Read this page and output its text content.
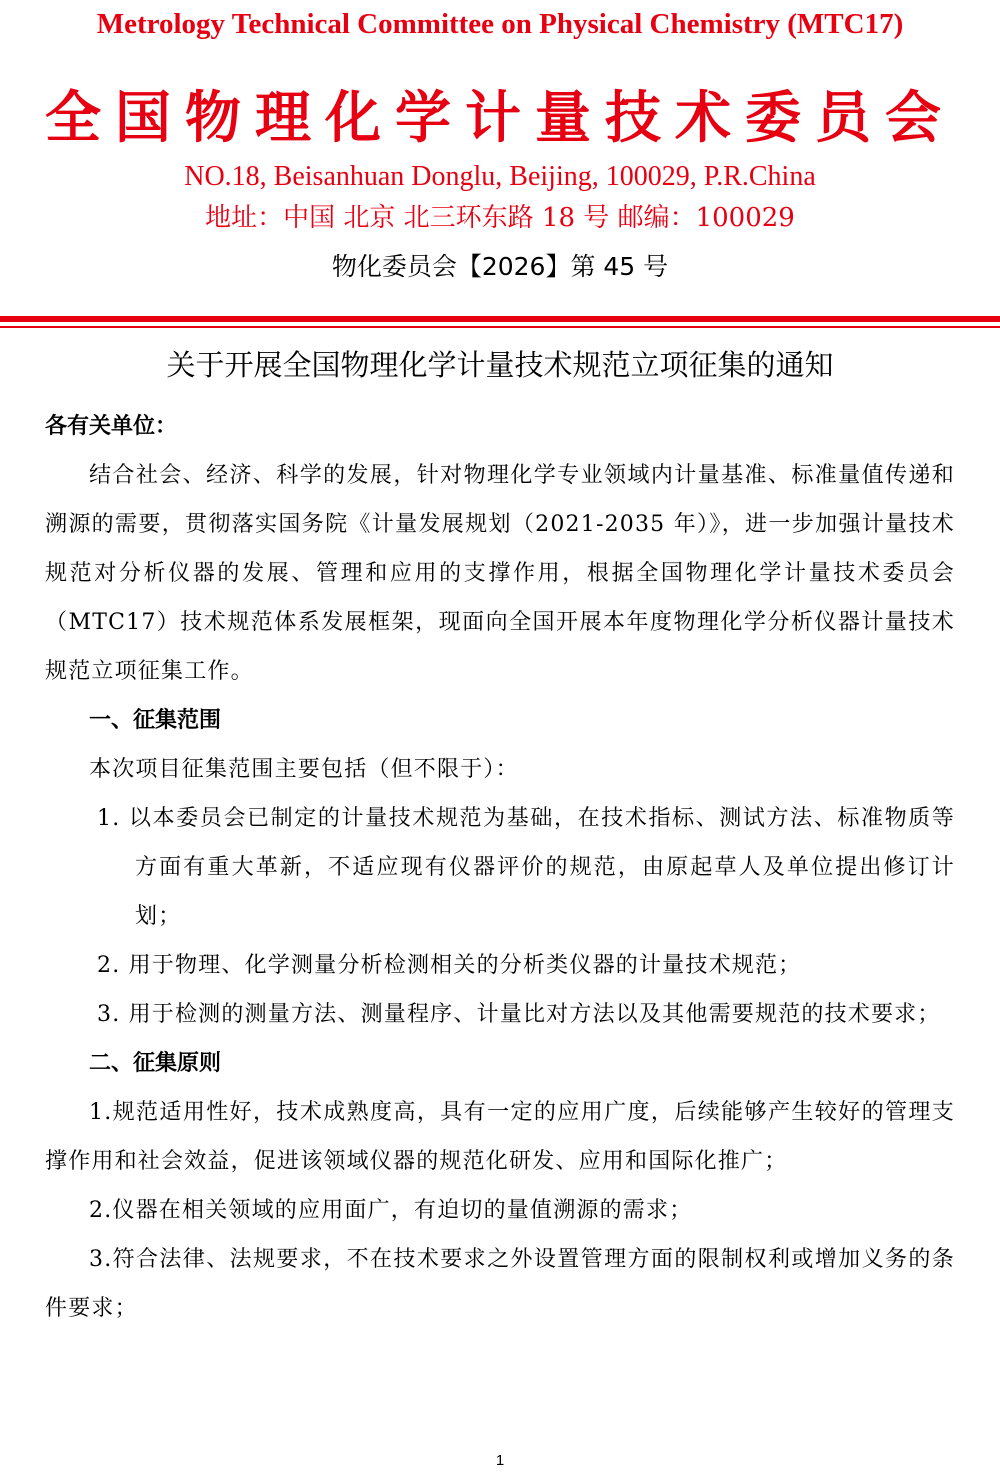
Metrology Technical Committee on Physical Chemistry (MTC17)
全国物理化学计量技术委员会
NO.18, Beisanhuan Donglu, Beijing, 100029, P.R.China
地址：中国 北京 北三环东路 18 号 邮编：100029
物化委员会【2026】第 45 号
关于开展全国物理化学计量技术规范立项征集的通知

各有关单位：

结合社会、经济、科学的发展，针对物理化学专业领域内计量基准、标准量值传递和溯源的需要，贯彻落实国务院《计量发展规划（2021-2035 年）》，进一步加强计量技术规范对分析仪器的发展、管理和应用的支撑作用，根据全国物理化学计量技术委员会（MTC17）技术规范体系发展框架，现面向全国开展本年度物理化学分析仪器计量技术规范立项征集工作。

一、征集范围

本次项目征集范围主要包括（但不限于）：

1. 以本委员会已制定的计量技术规范为基础，在技术指标、测试方法、标准物质等方面有重大革新，不适应现有仪器评价的规范，由原起草人及单位提出修订计划；

2. 用于物理、化学测量分析检测相关的分析类仪器的计量技术规范；

3. 用于检测的测量方法、测量程序、计量比对方法以及其他需要规范的技术要求；

二、征集原则

1.规范适用性好，技术成熟度高，具有一定的应用广度，后续能够产生较好的管理支撑作用和社会效益，促进该领域仪器的规范化研发、应用和国际化推广；

2.仪器在相关领域的应用面广，有迫切的量值溯源的需求；

3.符合法律、法规要求，不在技术要求之外设置管理方面的限制权利或增加义务的条件要求；

1
